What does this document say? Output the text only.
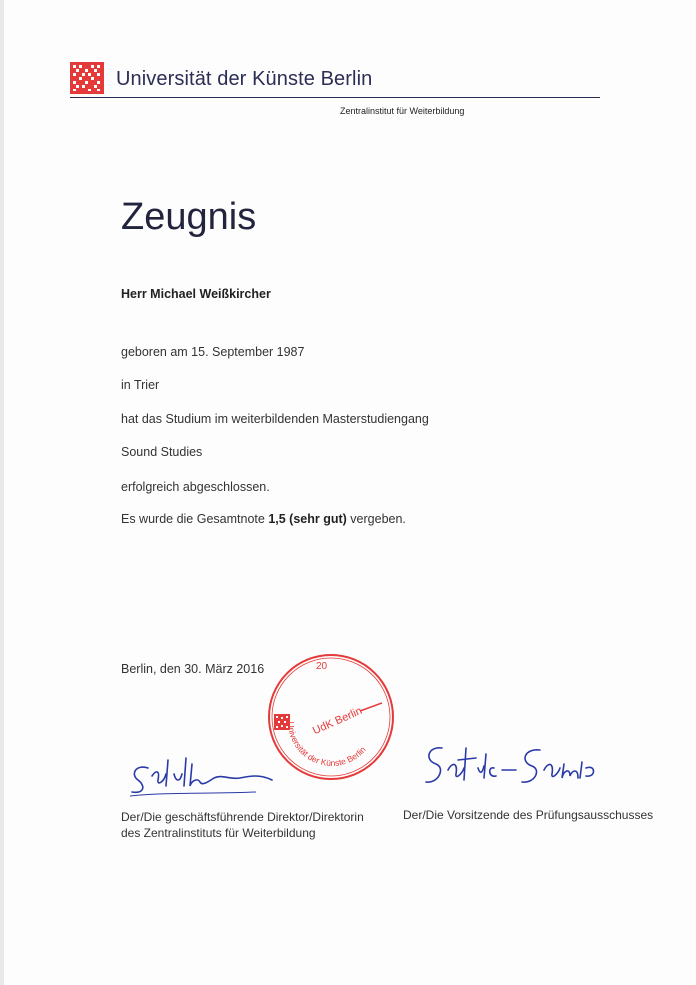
Universität der Künste Berlin
Zentralinstitut für Weiterbildung
Zeugnis
Herr Michael Weißkircher
geboren am 15. September 1987
in Trier
hat das Studium im weiterbildenden Masterstudiengang
Sound Studies
erfolgreich abgeschlossen.
Es wurde die Gesamtnote 1,5 (sehr gut) vergeben.
Berlin, den 30. März 2016	20
UdK Berlin
Universität der Künste Berlin
Der/Die geschäftsführende Direktor/Direktorin
des Zentralinstituts für Weiterbildung
Der/Die Vorsitzende des Prüfungsausschusses
